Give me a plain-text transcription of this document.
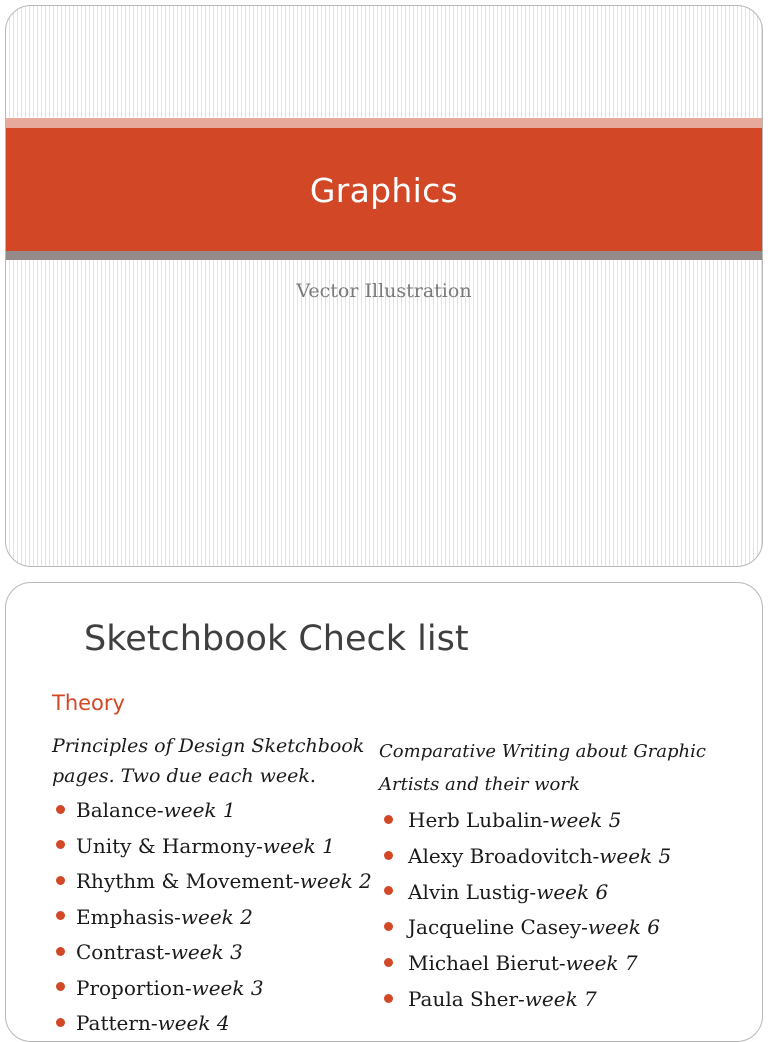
Graphics
Vector Illustration
Sketchbook Check list
Theory
Principles of Design Sketchbook pages. Two due each week.
Balance-week 1
Unity & Harmony-week 1
Rhythm & Movement-week 2
Emphasis-week 2
Contrast-week 3
Proportion-week 3
Pattern-week 4
Comparative Writing about Graphic Artists and their work
Herb Lubalin-week 5
Alexy Broadovitch-week 5
Alvin Lustig-week 6
Jacqueline Casey-week 6
Michael Bierut-week 7
Paula Sher-week 7
